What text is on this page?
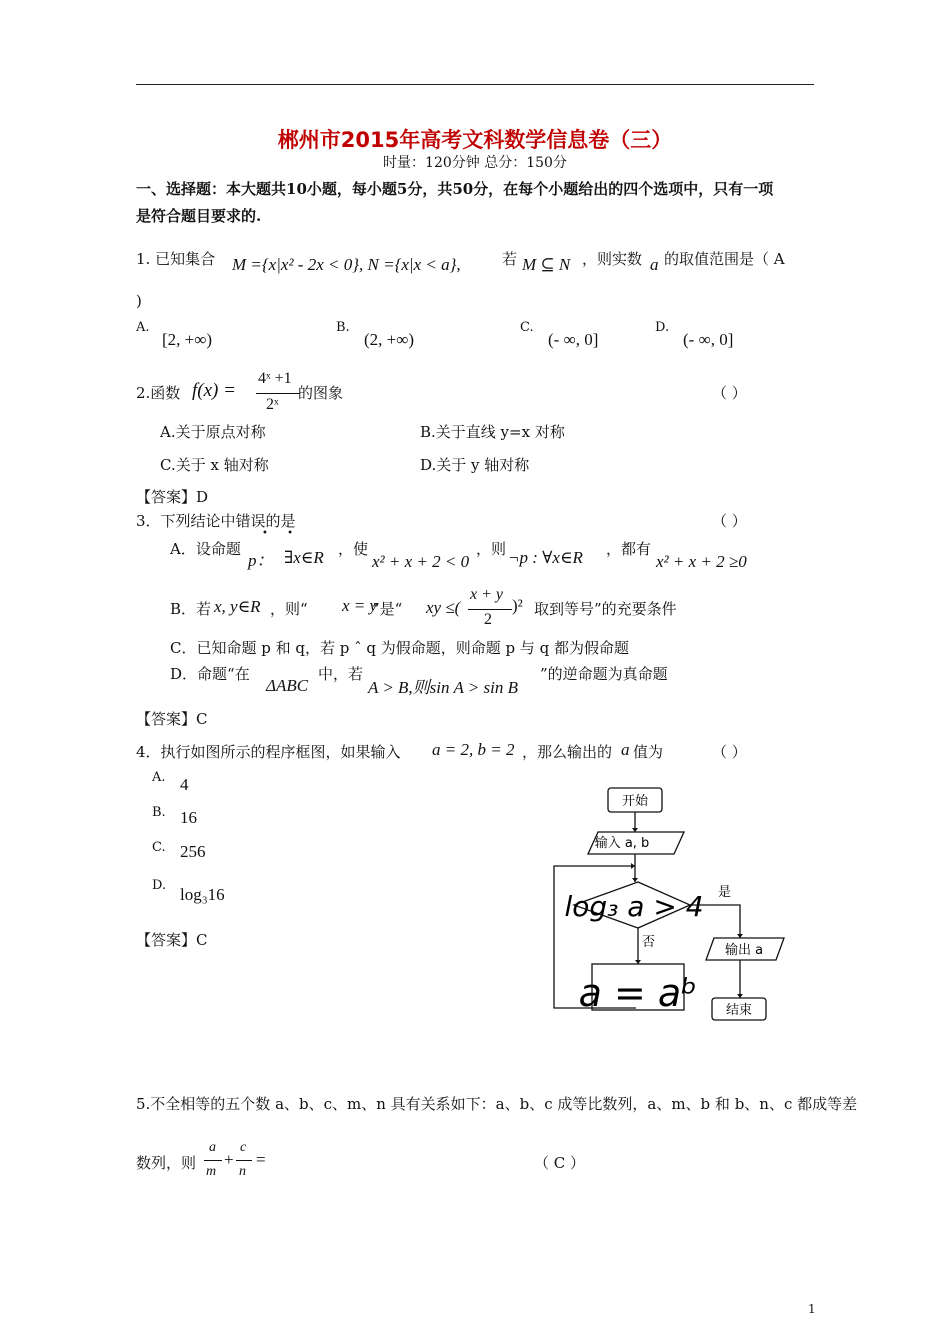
郴州市2015年高考文科数学信息卷（三）
时量：120分钟 总分：150分
一、选择题：本大题共10小题，每小题5分，共50分，在每个小题给出的四个选项中，只有一项
是符合题目要求的.
1. 已知集合 M ={x|x² - 2x < 0}, N ={x|x < a},	若 M ⊆ N ，则实数 a 的取值范围是（ A
)
A.
[2, +∞)
B.
(2, +∞)
C.
(- ∞, 0]
D.
(- ∞, 0]
2.函数 f(x) =
4ˣ +1
2ˣ
的图象	（ ）
A.关于原点对称	B.关于直线 y=x 对称
C.关于 x 轴对称	D.关于 y 轴对称
【答案】D
3．下列结论中错误的是	（ ）
A．设命题
p：
• •
∃x∈R ，使
x² + x + 2 < 0
，则 ¬p : ∀x∈R ，都有
x² + x + 2 ≥0
B．若 x, y∈R ，则“ x = y
”是“ xy ≤(
x + y
2
)² 取到等号”的充要条件
C．已知命题 p 和 q，若 p ˆ q 为假命题，则命题 p 与 q 都为假命题
D．命题“在
ΔABC
中，若
A > B,则sin A > sin B
”的逆命题为真命题
【答案】C
4．执行如图所示的程序框图，如果输入 a = 2, b = 2 ，那么输出的 a 值为	（ ）
A. 4
B. 16
C. 256
D. log₃16
【答案】C
开始
输入 a, b
log₃ a > 4 是
否
输出 a
a = aᵇ 结束
5.不全相等的五个数 a、b、c、m、n 具有关系如下：a、b、c 成等比数列，a、m、b 和 b、n、c 都成等差
数列，则
a
m
+
c
n
=	（ C ）
1
